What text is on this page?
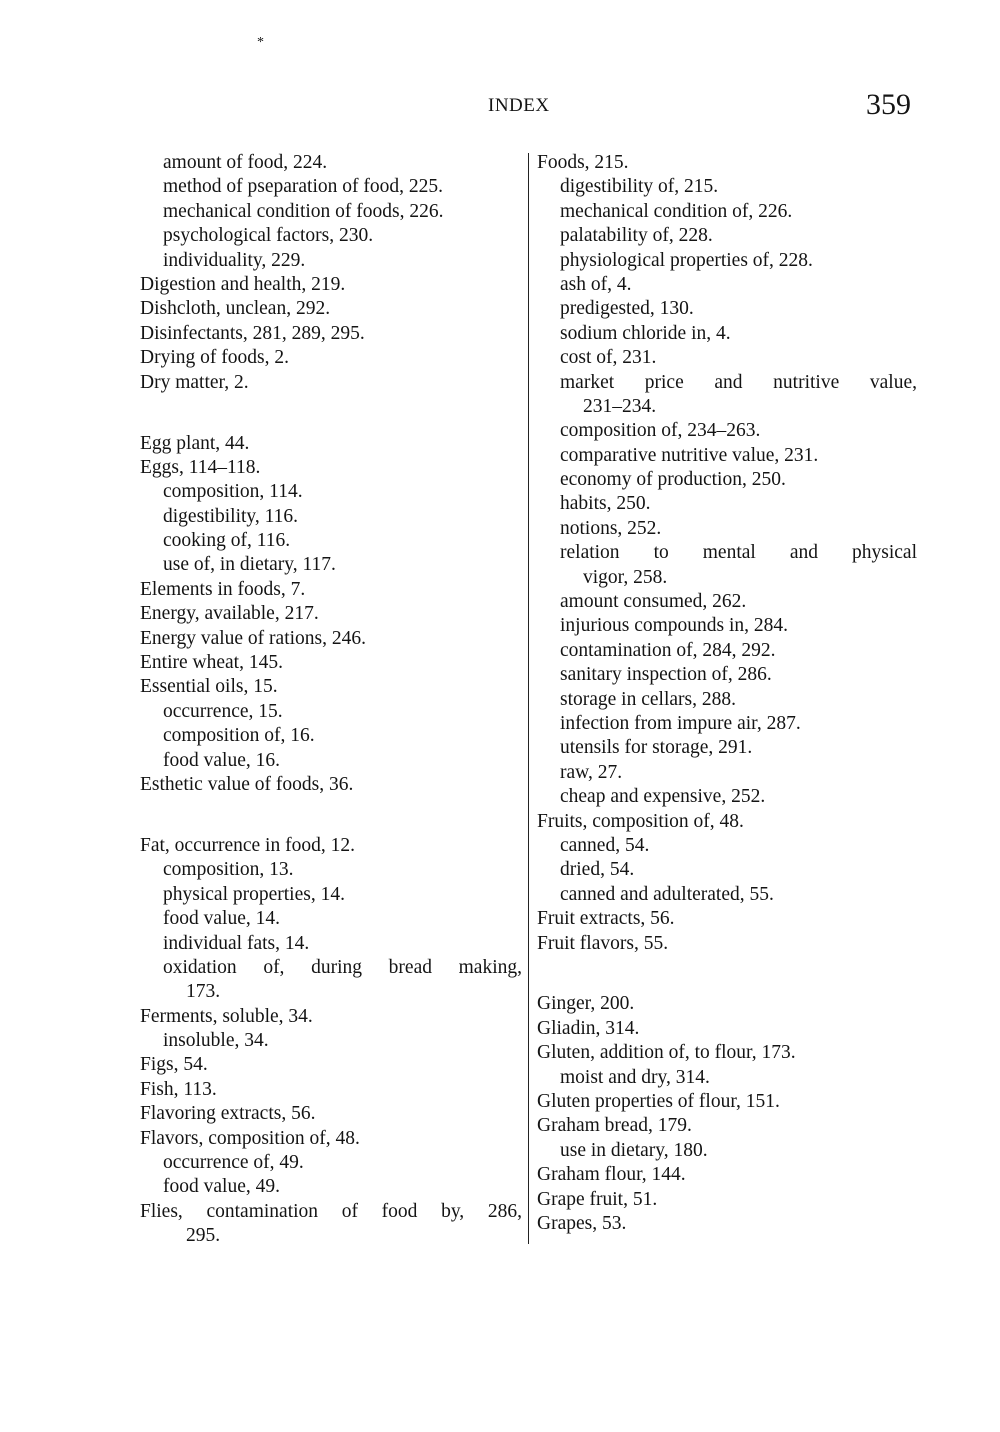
*
INDEX	359
amount of food, 224.
method of pseparation of food, 225.
mechanical condition of foods, 226.
psychological factors, 230.
individuality, 229.
Digestion and health, 219.
Dishcloth, unclean, 292.
Disinfectants, 281, 289, 295.
Drying of foods, 2.
Dry matter, 2.
Egg plant, 44.
Eggs, 114–118.
composition, 114.
digestibility, 116.
cooking of, 116.
use of, in dietary, 117.
Elements in foods, 7.
Energy, available, 217.
Energy value of rations, 246.
Entire wheat, 145.
Essential oils, 15.
occurrence, 15.
composition of, 16.
food value, 16.
Esthetic value of foods, 36.
Fat, occurrence in food, 12.
composition, 13.
physical properties, 14.
food value, 14.
individual fats, 14.
oxidation of, during bread making,
173.
Ferments, soluble, 34.
insoluble, 34.
Figs, 54.
Fish, 113.
Flavoring extracts, 56.
Flavors, composition of, 48.
occurrence of, 49.
food value, 49.
Flies, contamination of food by, 286,
295.
Foods, 215.
digestibility of, 215.
mechanical condition of, 226.
palatability of, 228.
physiological properties of, 228.
ash of, 4.
predigested, 130.
sodium chloride in, 4.
cost of, 231.
market price and nutritive value,
231–234.
composition of, 234–263.
comparative nutritive value, 231.
economy of production, 250.
habits, 250.
notions, 252.
relation to mental and physical
vigor, 258.
amount consumed, 262.
injurious compounds in, 284.
contamination of, 284, 292.
sanitary inspection of, 286.
storage in cellars, 288.
infection from impure air, 287.
utensils for storage, 291.
raw, 27.
cheap and expensive, 252.
Fruits, composition of, 48.
canned, 54.
dried, 54.
canned and adulterated, 55.
Fruit extracts, 56.
Fruit flavors, 55.
Ginger, 200.
Gliadin, 314.
Gluten, addition of, to flour, 173.
moist and dry, 314.
Gluten properties of flour, 151.
Graham bread, 179.
use in dietary, 180.
Graham flour, 144.
Grape fruit, 51.
Grapes, 53.
